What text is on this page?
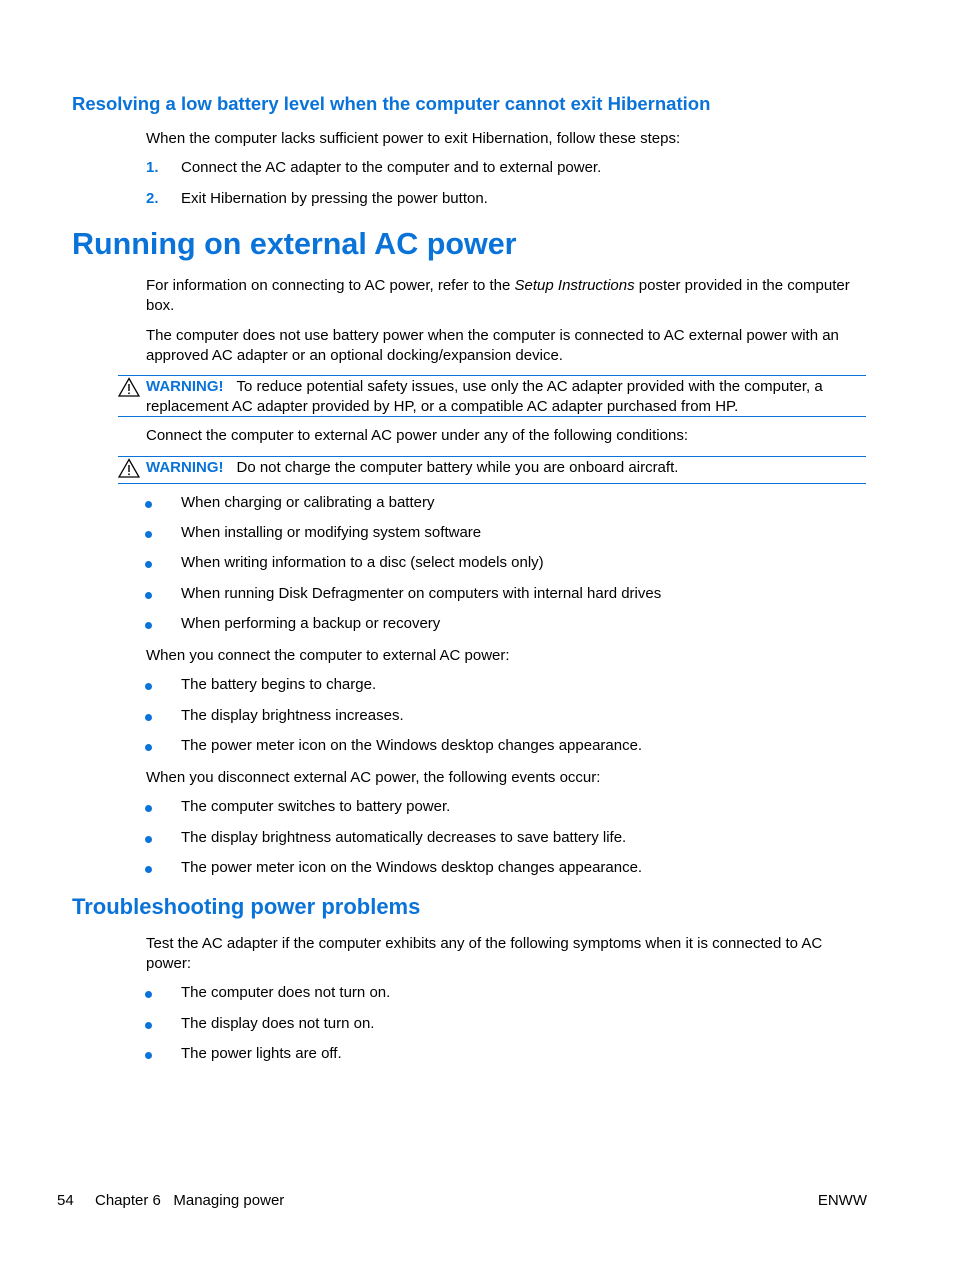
Resolving a low battery level when the computer cannot exit Hibernation

When the computer lacks sufficient power to exit Hibernation, follow these steps:

1. Connect the AC adapter to the computer and to external power.
2. Exit Hibernation by pressing the power button.
Running on external AC power

For information on connecting to AC power, refer to the Setup Instructions poster provided in the computer box.

The computer does not use battery power when the computer is connected to AC external power with an approved AC adapter or an optional docking/expansion device.

WARNING! To reduce potential safety issues, use only the AC adapter provided with the computer, a replacement AC adapter provided by HP, or a compatible AC adapter purchased from HP.

Connect the computer to external AC power under any of the following conditions:

WARNING! Do not charge the computer battery while you are onboard aircraft.
When charging or calibrating a battery
When installing or modifying system software
When writing information to a disc (select models only)
When running Disk Defragmenter on computers with internal hard drives
When performing a backup or recovery

When you connect the computer to external AC power:

The battery begins to charge.
The display brightness increases.
The power meter icon on the Windows desktop changes appearance.

When you disconnect external AC power, the following events occur:

The computer switches to battery power.
The display brightness automatically decreases to save battery life.
The power meter icon on the Windows desktop changes appearance.
Troubleshooting power problems

Test the AC adapter if the computer exhibits any of the following symptoms when it is connected to AC power:

The computer does not turn on.
The display does not turn on.
The power lights are off.
54 Chapter 6   Managing power	ENWW
